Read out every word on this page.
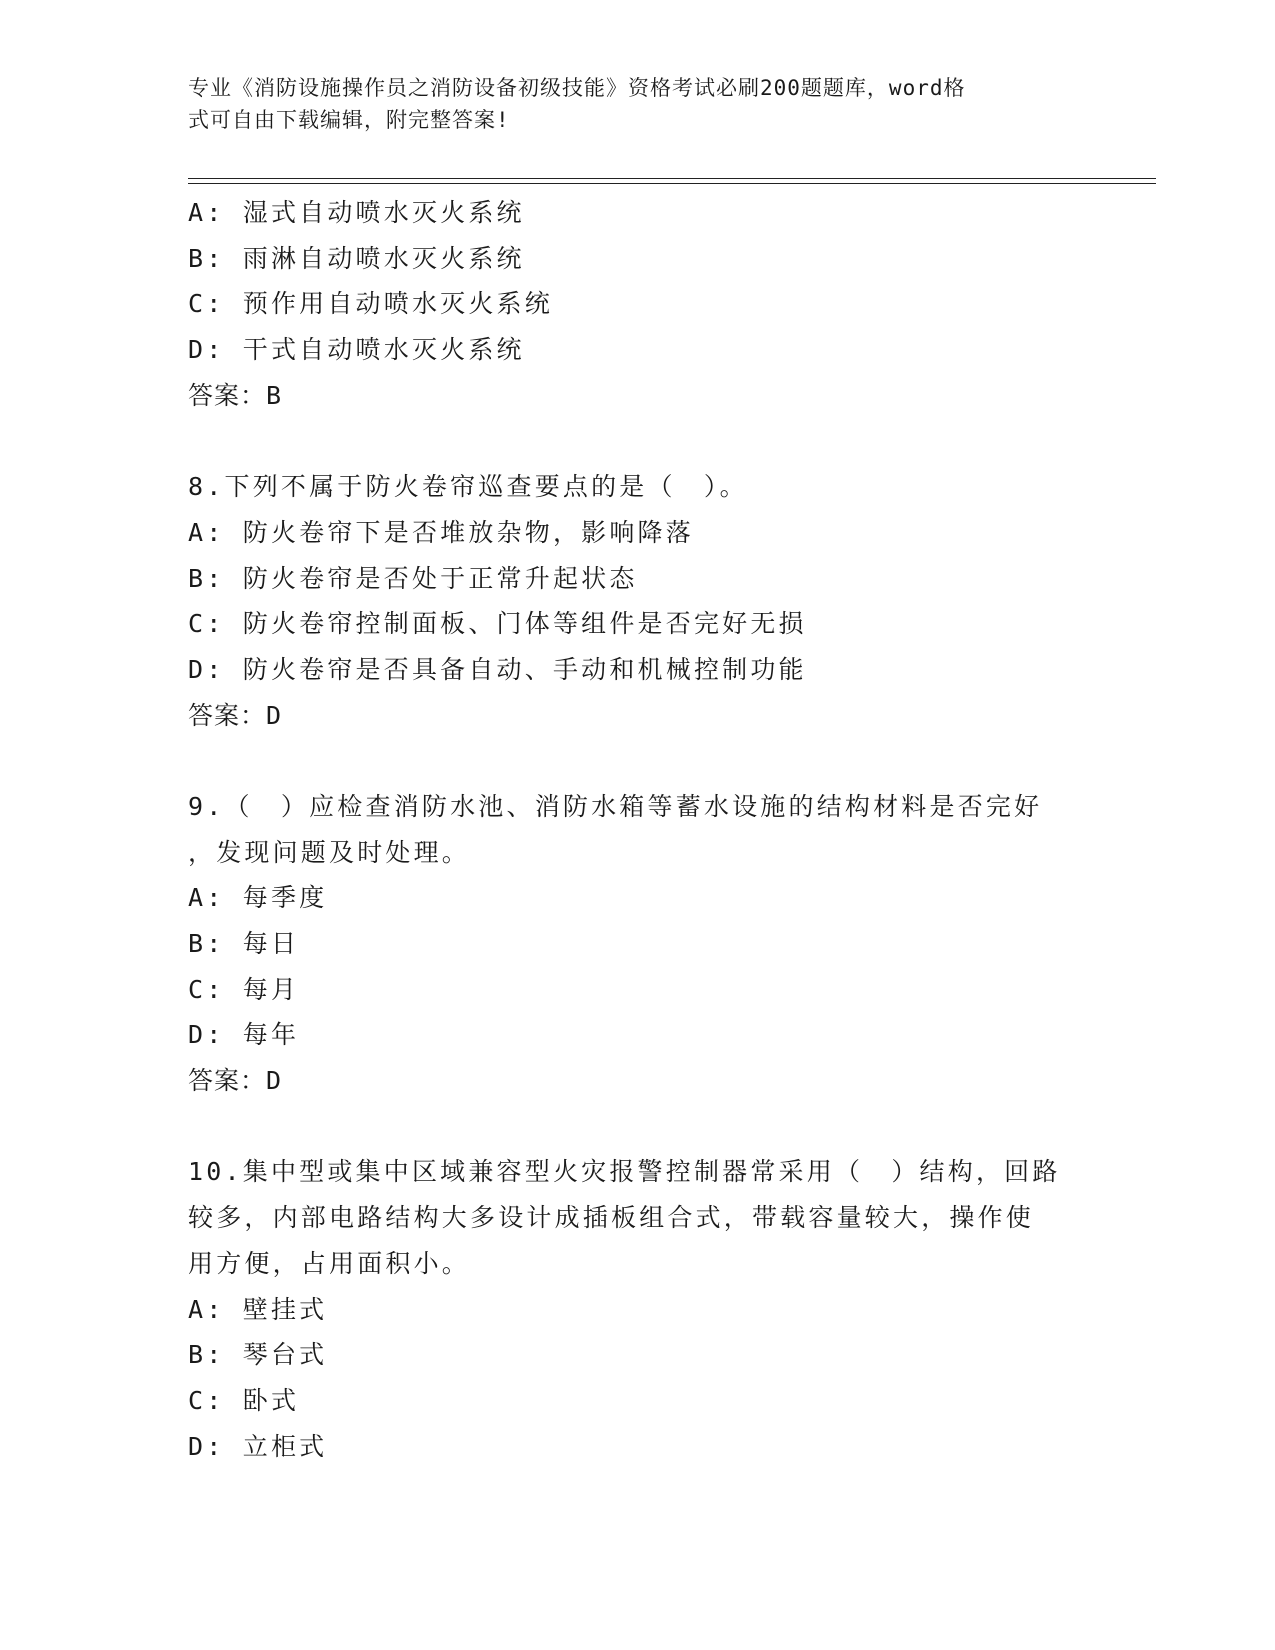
专业《消防设施操作员之消防设备初级技能》资格考试必刷200题题库，word格
式可自由下载编辑，附完整答案!
A: 湿式自动喷水灭火系统
B: 雨淋自动喷水灭火系统
C: 预作用自动喷水灭火系统
D: 干式自动喷水灭火系统
答案：B
8.下列不属于防火卷帘巡查要点的是（　）。
A: 防火卷帘下是否堆放杂物，影响降落
B: 防火卷帘是否处于正常升起状态
C: 防火卷帘控制面板、门体等组件是否完好无损
D: 防火卷帘是否具备自动、手动和机械控制功能
答案：D
9.（　）应检查消防水池、消防水箱等蓄水设施的结构材料是否完好
，发现问题及时处理。
A: 每季度
B: 每日
C: 每月
D: 每年
答案：D
10.集中型或集中区域兼容型火灾报警控制器常采用（　）结构，回路
较多，内部电路结构大多设计成插板组合式，带载容量较大，操作使
用方便，占用面积小。
A: 壁挂式
B: 琴台式
C: 卧式
D: 立柜式
